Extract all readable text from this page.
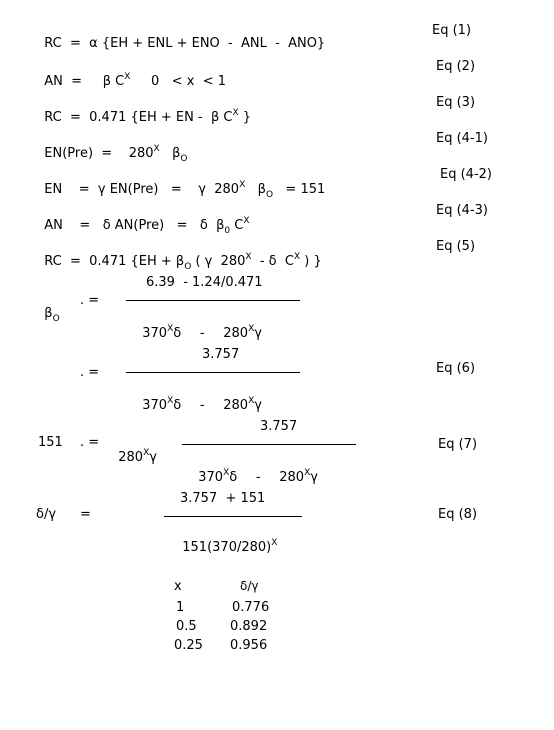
RC  =  α {EH + ENL + ENO  -  ANL  -  ANO}

Eq (1)

AN  =     β $C^X$     0   < x  < 1

Eq (2)

RC  =  0.471 {EH + EN -  β $C^X$ }

Eq (3)

EN(Pre)  =    $280^X$   $\beta_O$

Eq (4-1)

EN    =  γ EN(Pre)   =    γ  $280^X$   $\beta_O = 151$

Eq (4-2)

AN    =   δ AN(Pre)   =   δ  $\beta_0$ $C^X$

Eq (4-3)

RC  =  0.471 {$EH + \beta_O$ ( γ  $280^X$  - δ  $C^X$ ) }

Eq (5)

$\beta_O$

. =
6.39  - 1.24/0.471

$370^X\delta - 280^X\gamma$

. =
3.757

$370^X\delta - 280^X\gamma$

Eq (6)
151 . =

$280^X\gamma$

3.757

$370^X\delta - 280^X\gamma$

Eq (7)
δ/γ =
3.757  + 151

$151(370/280)^X$

Eq (8)
x	δ/γ
1	0.776
0.5	0.892
0.25 0.956
